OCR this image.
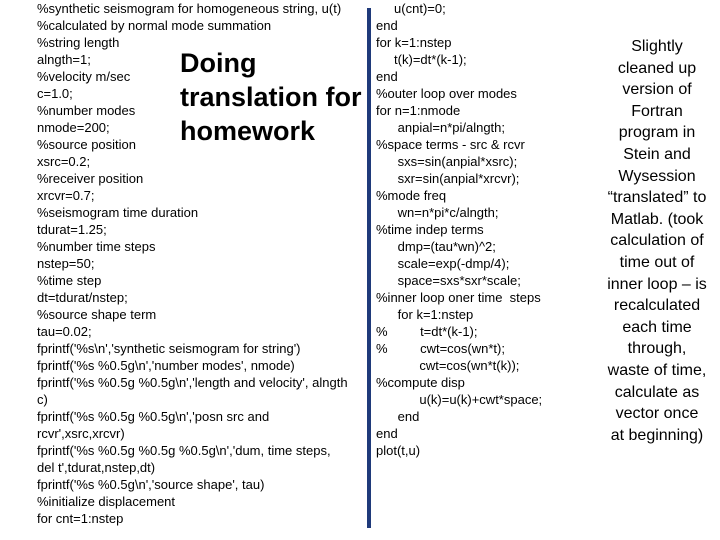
%synthetic seismogram for homogeneous string, u(t)
%calculated by normal mode summation
%string length
alngth=1;
%velocity m/sec
c=1.0;
%number modes
nmode=200;
%source position
xsrc=0.2;
%receiver position
xrcvr=0.7;
%seismogram time duration
tdurat=1.25;
%number time steps
nstep=50;
%time step
dt=tdurat/nstep;
%source shape term
tau=0.02;
fprintf('%s\n','synthetic seismogram for string')
fprintf('%s %0.5g\n','number modes', nmode)
fprintf('%s %0.5g %0.5g\n','length and velocity', alngth
c)
fprintf('%s %0.5g %0.5g\n','posn src and
rcvr',xsrc,xrcvr)
fprintf('%s %0.5g %0.5g %0.5g\n','dum, time steps,
del t',tdurat,nstep,dt)
fprintf('%s %0.5g\n','source shape', tau)
%initialize displacement
for cnt=1:nstep
u(cnt)=0;
end
for k=1:nstep
t(k)=dt*(k-1);
end
%outer loop over modes
for n=1:nmode
anpial=n*pi/alngth;
%space terms - src & rcvr
sxs=sin(anpial*xsrc);
sxr=sin(anpial*xrcvr);
%mode freq
wn=n*pi*c/alngth;
%time indep terms
dmp=(tau*wn)^2;
scale=exp(-dmp/4);
space=sxs*sxr*scale;
%inner loop oner time  steps
for k=1:nstep
%         t=dt*(k-1);
%         cwt=cos(wn*t);
cwt=cos(wn*t(k));
%compute disp
u(k)=u(k)+cwt*space;
end
end
plot(t,u)
Doing
translation for
homework
Slightly
cleaned up
version of
Fortran
program in
Stein and
Wysession
“translated” to
Matlab. (took
calculation of
time out of
inner loop – is
recalculated
each time
through,
waste of time,
calculate as
vector once
at beginning)
